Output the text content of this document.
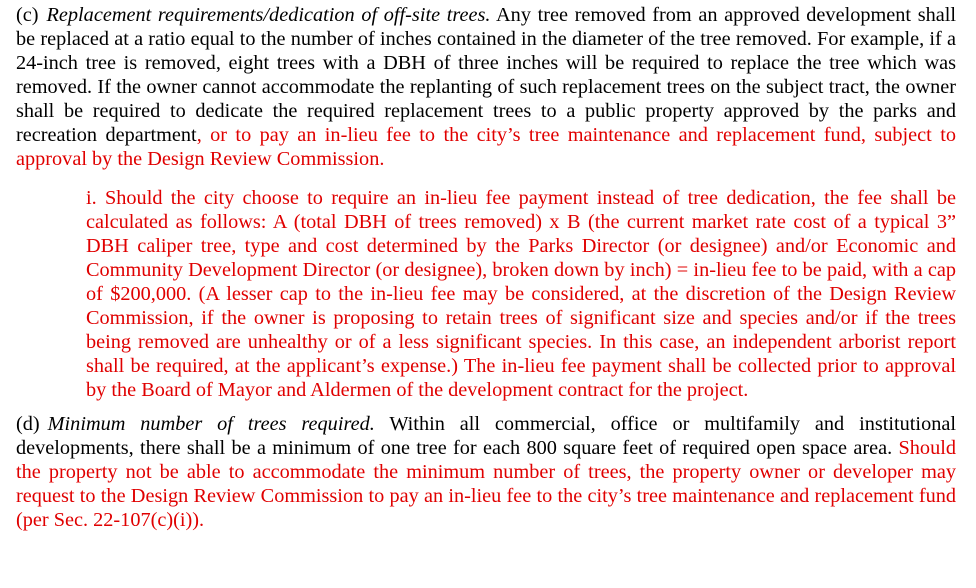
(c) Replacement requirements/dedication of off-site trees. Any tree removed from an approved development shall be replaced at a ratio equal to the number of inches contained in the diameter of the tree removed. For example, if a 24-inch tree is removed, eight trees with a DBH of three inches will be required to replace the tree which was removed. If the owner cannot accommodate the replanting of such replacement trees on the subject tract, the owner shall be required to dedicate the required replacement trees to a public property approved by the parks and recreation department, or to pay an in-lieu fee to the city’s tree maintenance and replacement fund, subject to approval by the Design Review Commission.

i. Should the city choose to require an in-lieu fee payment instead of tree dedication, the fee shall be calculated as follows: A (total DBH of trees removed) x B (the current market rate cost of a typical 3” DBH caliper tree, type and cost determined by the Parks Director (or designee) and/or Economic and Community Development Director (or designee), broken down by inch) = in-lieu fee to be paid, with a cap of $200,000. (A lesser cap to the in-lieu fee may be considered, at the discretion of the Design Review Commission, if the owner is proposing to retain trees of significant size and species and/or if the trees being removed are unhealthy or of a less significant species. In this case, an independent arborist report shall be required, at the applicant’s expense.) The in-lieu fee payment shall be collected prior to approval by the Board of Mayor and Aldermen of the development contract for the project.

(d) Minimum number of trees required. Within all commercial, office or multifamily and institutional developments, there shall be a minimum of one tree for each 800 square feet of required open space area. Should the property not be able to accommodate the minimum number of trees, the property owner or developer may request to the Design Review Commission to pay an in-lieu fee to the city’s tree maintenance and replacement fund (per Sec. 22-107(c)(i)).
